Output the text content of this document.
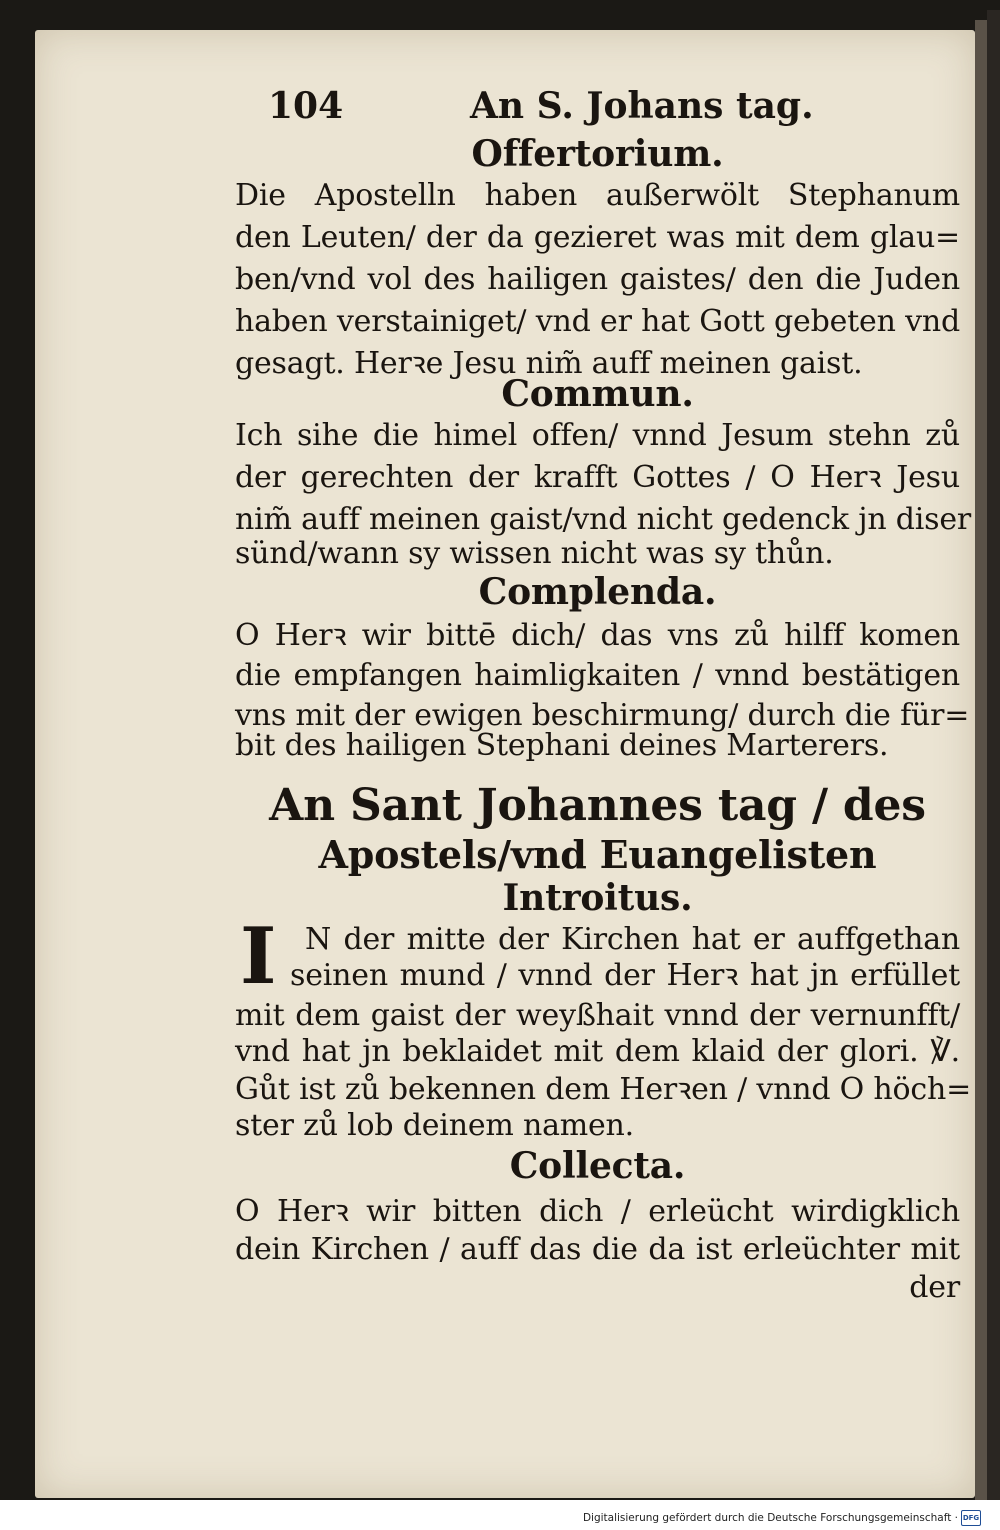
104	An S. Johans tag.
Offertorium.
Die Apostelln haben außerwölt Stephanum
den Leuten/ der da gezieret was mit dem glau=
ben/vnd vol des hailigen gaistes/ den die Juden
haben verstainiget/ vnd er hat Gott gebeten vnd
gesagt. Herꝛe Jesu nim̃ auff meinen gaist.
Commun.
Ich sihe die himel offen/ vnnd Jesum stehn zů
der gerechten der krafft Gottes / O Herꝛ Jesu
nim̃ auff meinen gaist/vnd nicht gedenck jn diser
sünd/wann sy wissen nicht was sy thůn.
Complenda.
O Herꝛ wir bittē dich/ das vns zů hilff komen
die empfangen haimligkaiten / vnnd bestätigen
vns mit der ewigen beschirmung/ durch die für=
bit des hailigen Stephani deines Marterers.
An Sant Johannes tag / des
Apostels/vnd Euangelisten
Introitus.
I N der mitte der Kirchen hat er auffgethan
seinen mund / vnnd der Herꝛ hat jn erfüllet
mit dem gaist der weyßhait vnnd der vernunfft/
vnd hat jn beklaidet mit dem klaid der glori. ℣.
Gůt ist zů bekennen dem Herꝛen / vnnd O höch=
ster zů lob deinem namen.
Collecta.
O Herꝛ wir bitten dich / erleücht wirdigklich
dein Kirchen / auff das die da ist erleüchter mit
der
Digitalisierung gefördert durch die Deutsche Forschungsgemeinschaft · DFG
